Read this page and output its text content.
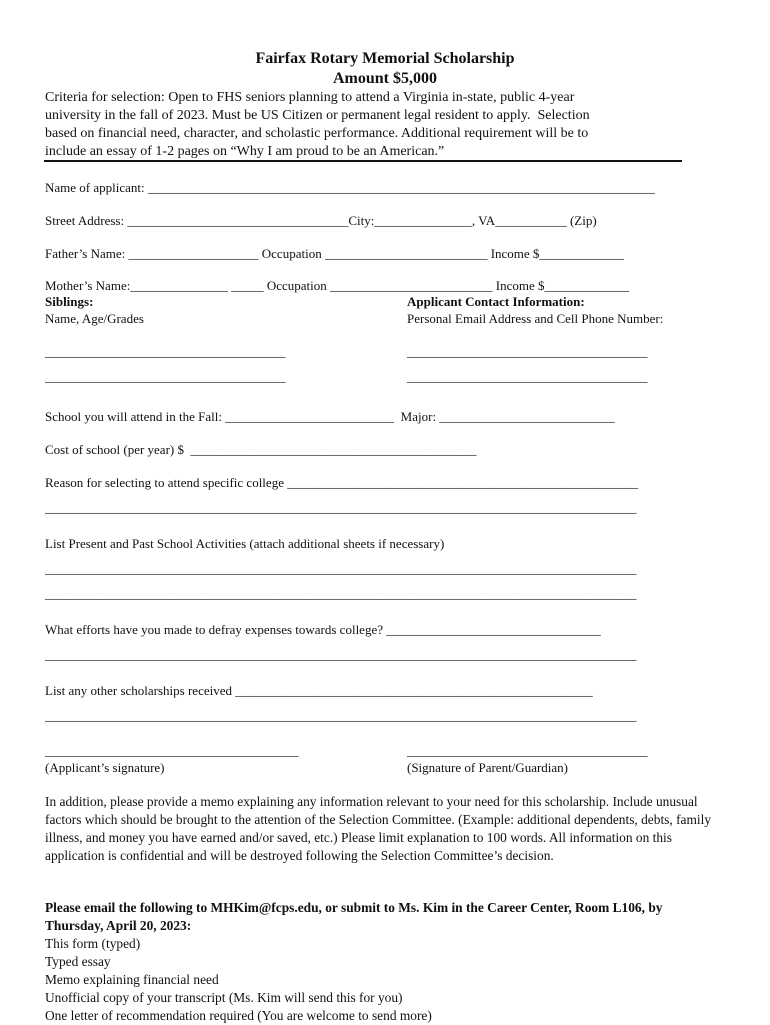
Fairfax Rotary Memorial Scholarship
Amount $5,000
Criteria for selection: Open to FHS seniors planning to attend a Virginia in-state, public 4-year
university in the fall of 2023. Must be US Citizen or permanent legal resident to apply.  Selection
based on financial need, character, and scholastic performance. Additional requirement will be to
include an essay of 1-2 pages on “Why I am proud to be an American.”
Name of applicant: ______________________________________________________________________________
Street Address: __________________________________City:_______________, VA___________ (Zip)
Father’s Name: ____________________ Occupation _________________________ Income $_____________
Mother’s Name:_______________ _____ Occupation _________________________ Income $_____________
Siblings:
Name, Age/Grades
Applicant Contact Information:
Personal Email Address and Cell Phone Number:
_____________________________________
_____________________________________
_____________________________________
_____________________________________
School you will attend in the Fall: __________________________  Major: ___________________________
Cost of school (per year) $  ____________________________________________
Reason for selecting to attend specific college ______________________________________________________
___________________________________________________________________________________________
List Present and Past School Activities (attach additional sheets if necessary)
___________________________________________________________________________________________
___________________________________________________________________________________________
What efforts have you made to defray expenses towards college? _________________________________
___________________________________________________________________________________________
List any other scholarships received _______________________________________________________
___________________________________________________________________________________________
_______________________________________	_____________________________________
(Applicant’s signature)	(Signature of Parent/Guardian)
In addition, please provide a memo explaining any information relevant to your need for this scholarship. Include unusual factors which should be brought to the attention of the Selection Committee. (Example: additional dependents, debts, family illness, and money you have earned and/or saved, etc.) Please limit explanation to 100 words. All information on this application is confidential and will be destroyed following the Selection Committee’s decision.
Please email the following to MHKim@fcps.edu, or submit to Ms. Kim in the Career Center, Room L106, by Thursday, April 20, 2023:
This form (typed)
Typed essay
Memo explaining financial need
Unofficial copy of your transcript (Ms. Kim will send this for you)
One letter of recommendation required (You are welcome to send more)
